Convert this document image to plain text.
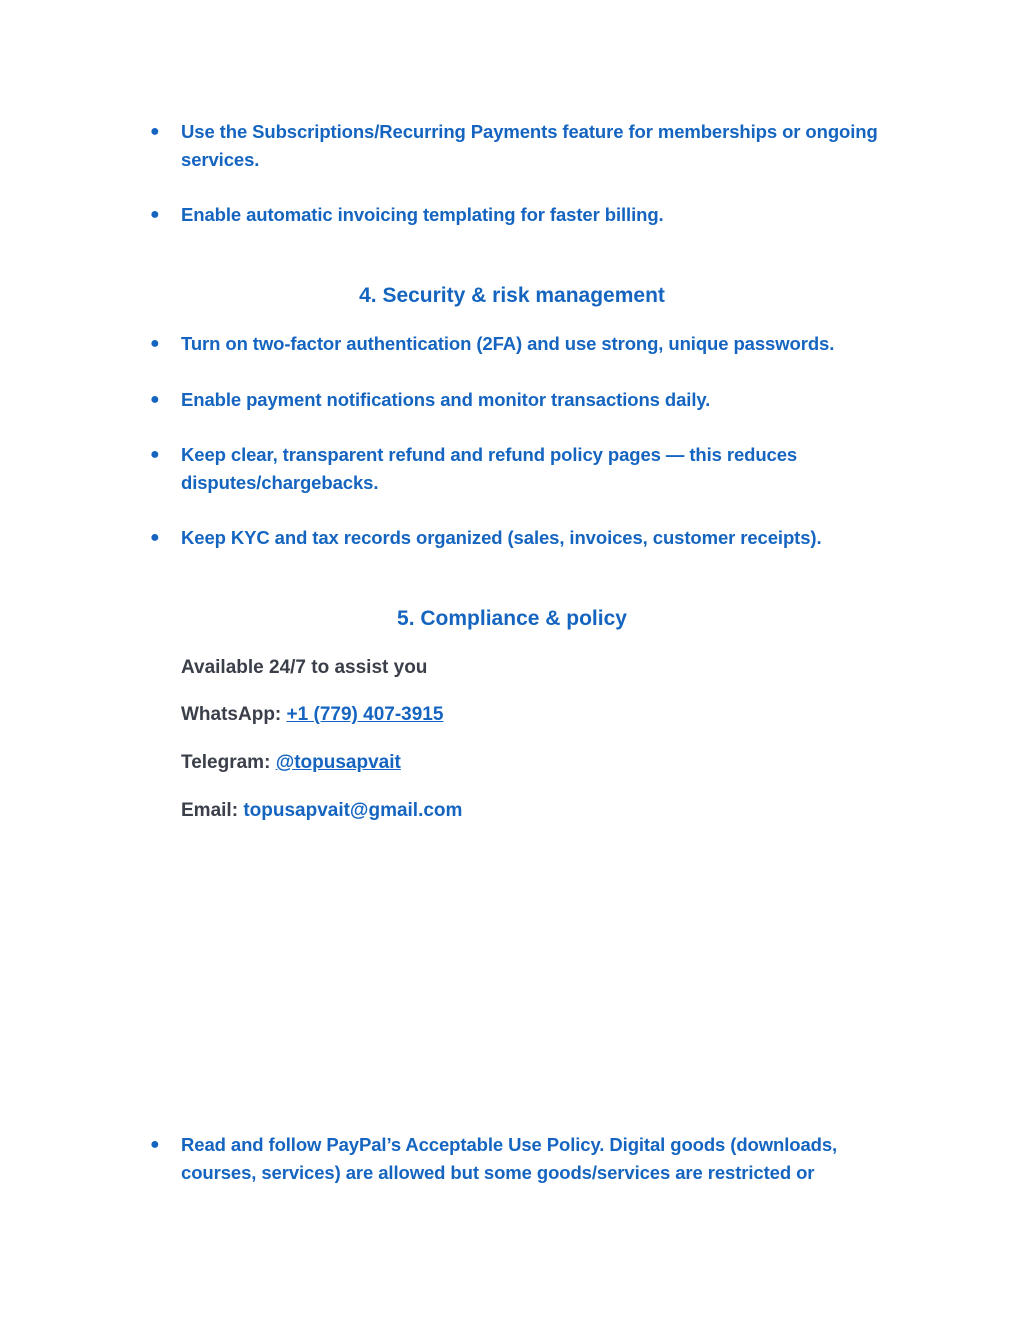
● Use the Subscriptions/Recurring Payments feature for memberships or ongoing services.
● Enable automatic invoicing templating for faster billing.
4. Security & risk management
● Turn on two-factor authentication (2FA) and use strong, unique passwords.
● Enable payment notifications and monitor transactions daily.
● Keep clear, transparent refund and refund policy pages — this reduces disputes/chargebacks.
● Keep KYC and tax records organized (sales, invoices, customer receipts).
5. Compliance & policy
Available 24/7 to assist you
WhatsApp: +1 (779) 407-3915
Telegram: @topusapvait
Email: topusapvait@gmail.com
● Read and follow PayPal’s Acceptable Use Policy. Digital goods (downloads, courses, services) are allowed but some goods/services are restricted or
